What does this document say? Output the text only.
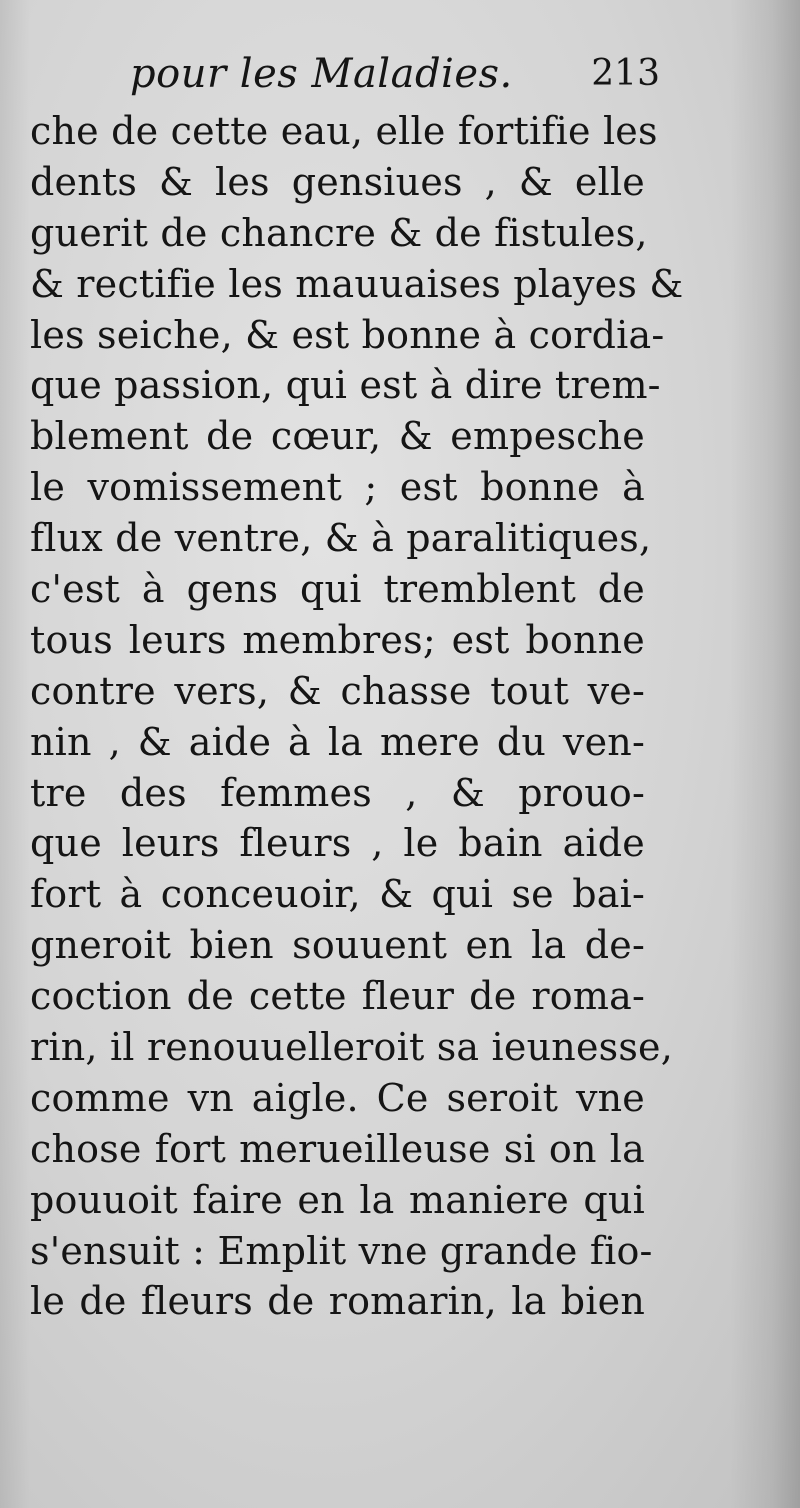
pour les Maladies. 213
che de cette eau, elle fortifie les
dents & les gensiues , & elle
guerit de chancre & de fistules,
& rectifie les mauuaises playes &
les seiche, & est bonne à cordia-
que passion, qui est à dire trem-
blement de cœur, & empesche
le vomissement ; est bonne à
flux de ventre, & à paralitiques,
c'est à gens qui tremblent de
tous leurs membres; est bonne
contre vers, & chasse tout ve-
nin , & aide à la mere du ven-
tre des femmes , & prouo-
que leurs fleurs , le bain aide
fort à conceuoir, & qui se bai-
gneroit bien souuent en la de-
coction de cette fleur de roma-
rin, il renouuelleroit sa ieunesse,
comme vn aigle. Ce seroit vne
chose fort merueilleuse si on la
pouuoit faire en la maniere qui
s'ensuit : Emplit vne grande fio-
le de fleurs de romarin, la bien
